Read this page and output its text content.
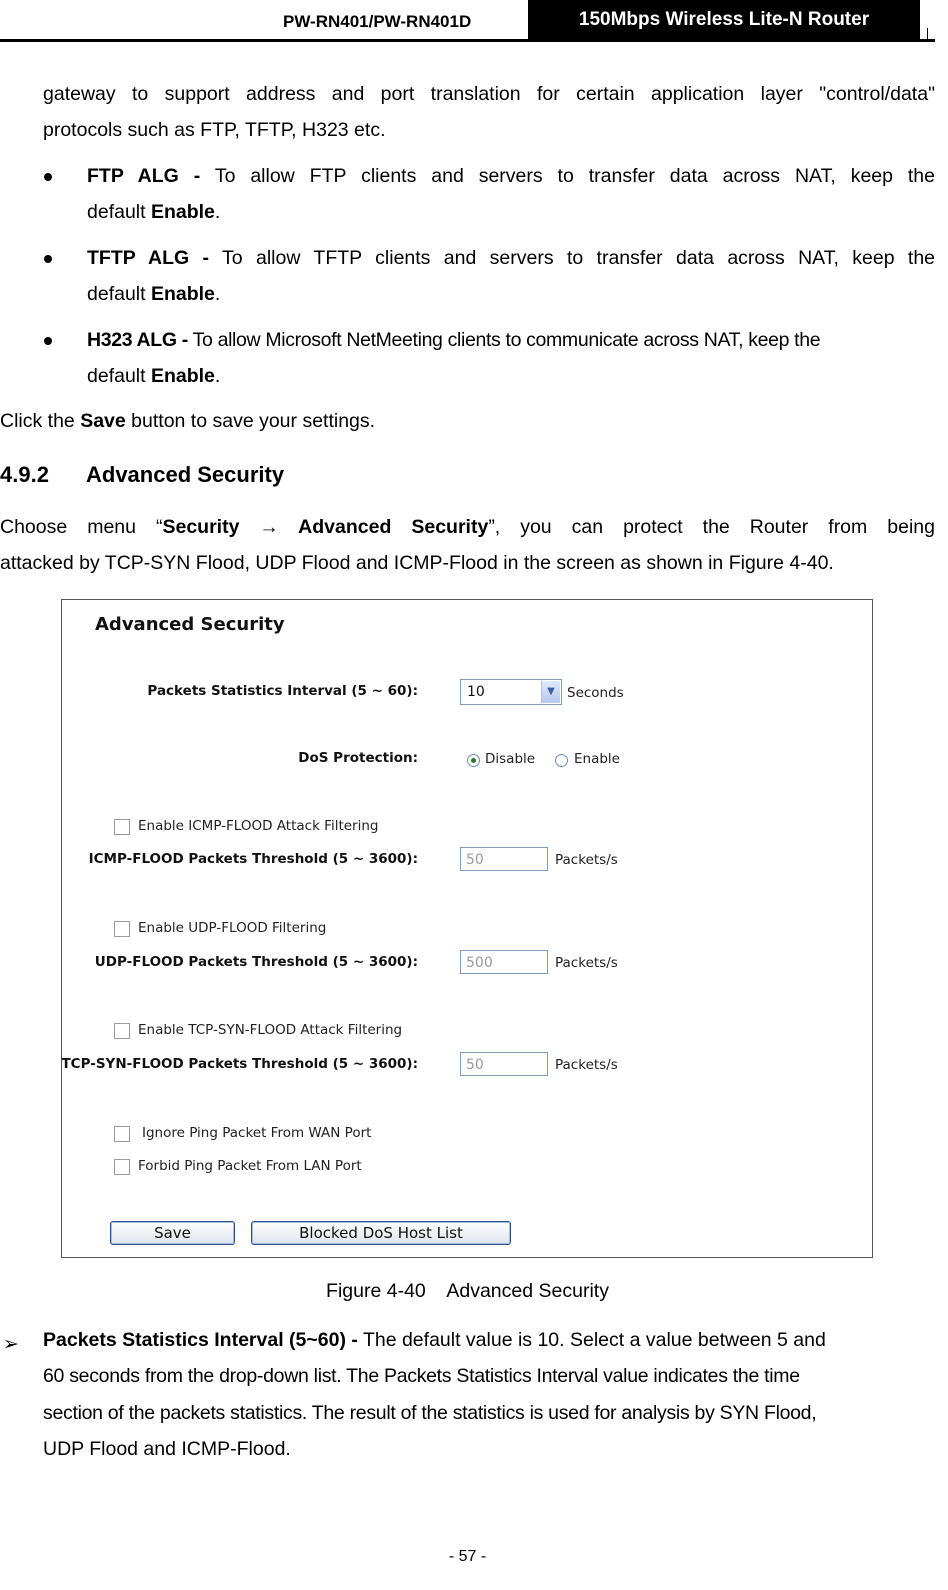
PW-RN401/PW-RN401D	150Mbps Wireless Lite-N Router
gateway to support address and port translation for certain application layer "control/data"
protocols such as FTP, TFTP, H323 etc.
FTP ALG - To allow FTP clients and servers to transfer data across NAT, keep the
default Enable.
TFTP ALG - To allow TFTP clients and servers to transfer data across NAT, keep the
default Enable.
H323 ALG - To allow Microsoft NetMeeting clients to communicate across NAT, keep the
default Enable.
Click the Save button to save your settings.
4.9.2 Advanced Security
Choose menu “Security → Advanced Security”, you can protect the Router from being
attacked by TCP-SYN Flood, UDP Flood and ICMP-Flood in the screen as shown in Figure 4-40.
Advanced Security
Packets Statistics Interval (5 ~ 60):	10	▼ Seconds
DoS Protection:	Disable	Enable
Enable ICMP-FLOOD Attack Filtering
ICMP-FLOOD Packets Threshold (5 ~ 3600):	50	Packets/s
Enable UDP-FLOOD Filtering
UDP-FLOOD Packets Threshold (5 ~ 3600):	500	Packets/s
Enable TCP-SYN-FLOOD Attack Filtering
TCP-SYN-FLOOD Packets Threshold (5 ~ 3600):	50	Packets/s
Ignore Ping Packet From WAN Port
Forbid Ping Packet From LAN Port
Save	Blocked DoS Host List
Figure 4-40    Advanced Security
➢ Packets Statistics Interval (5~60) - The default value is 10. Select a value between 5 and
60 seconds from the drop-down list. The Packets Statistics Interval value indicates the time
section of the packets statistics. The result of the statistics is used for analysis by SYN Flood,
UDP Flood and ICMP-Flood.
- 57 -
